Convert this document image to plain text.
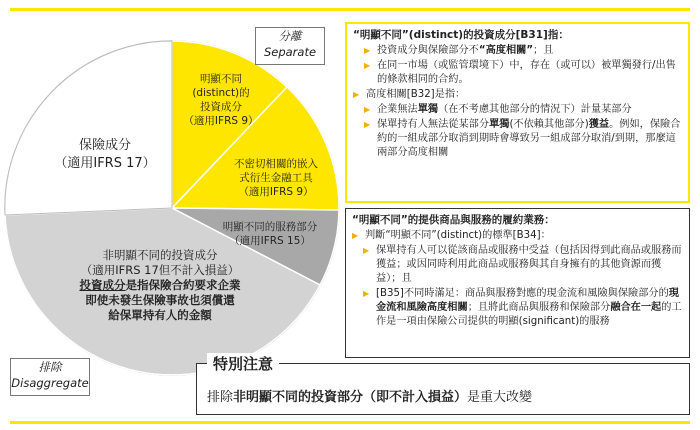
分離
Separate
保險成分
（適用IFRS 17）
明顯不同
(distinct)的
投資成分
（適用IFRS 9）
不密切相關的嵌入
式衍生金融工具
（適用IFRS 9）
明顯不同的服務部分
（適用IFRS 15）
非明顯不同的投資成分
（適用IFRS 17但不計入損益）
投資成分是指保險合約要求企業
即使未發生保險事故也須償還
給保單持有人的金額
排除
Disaggregate
“明顯不同”(distinct)的投資成分[B31]指：
▶ 投資成分與保險部分不“高度相關”；且
▶ 在同一市場（或監管環境下）中，存在（或可以）被單獨發行/出售的條款相同的合約。
▶ 高度相關[B32]是指：
▶ 企業無法單獨（在不考慮其他部分的情況下）計量某部分
▶ 保單持有人無法從某部分單獨(不依賴其他部分)獲益。例如，保險合約的一組成部分取消到期時會導致另一組成部分取消/到期，那麼這兩部分高度相關
“明顯不同”的提供商品與服務的履約業務：
▶ 判斷“明顯不同”(distinct)的標準[B34]：
▶ 保單持有人可以從該商品或服務中受益（包括因得到此商品或服務而獲益；或因同時利用此商品或服務與其自身擁有的其他資源而獲益）；且
▶ [B35]不同時滿足：商品與服務對應的現金流和風險與保險部分的現金流和風險高度相關；且將此商品與服務和保險部分融合在一起的工作是一項由保險公司提供的明顯(significant)的服務
特別注意
排除非明顯不同的投資部分（即不計入損益）是重大改變
